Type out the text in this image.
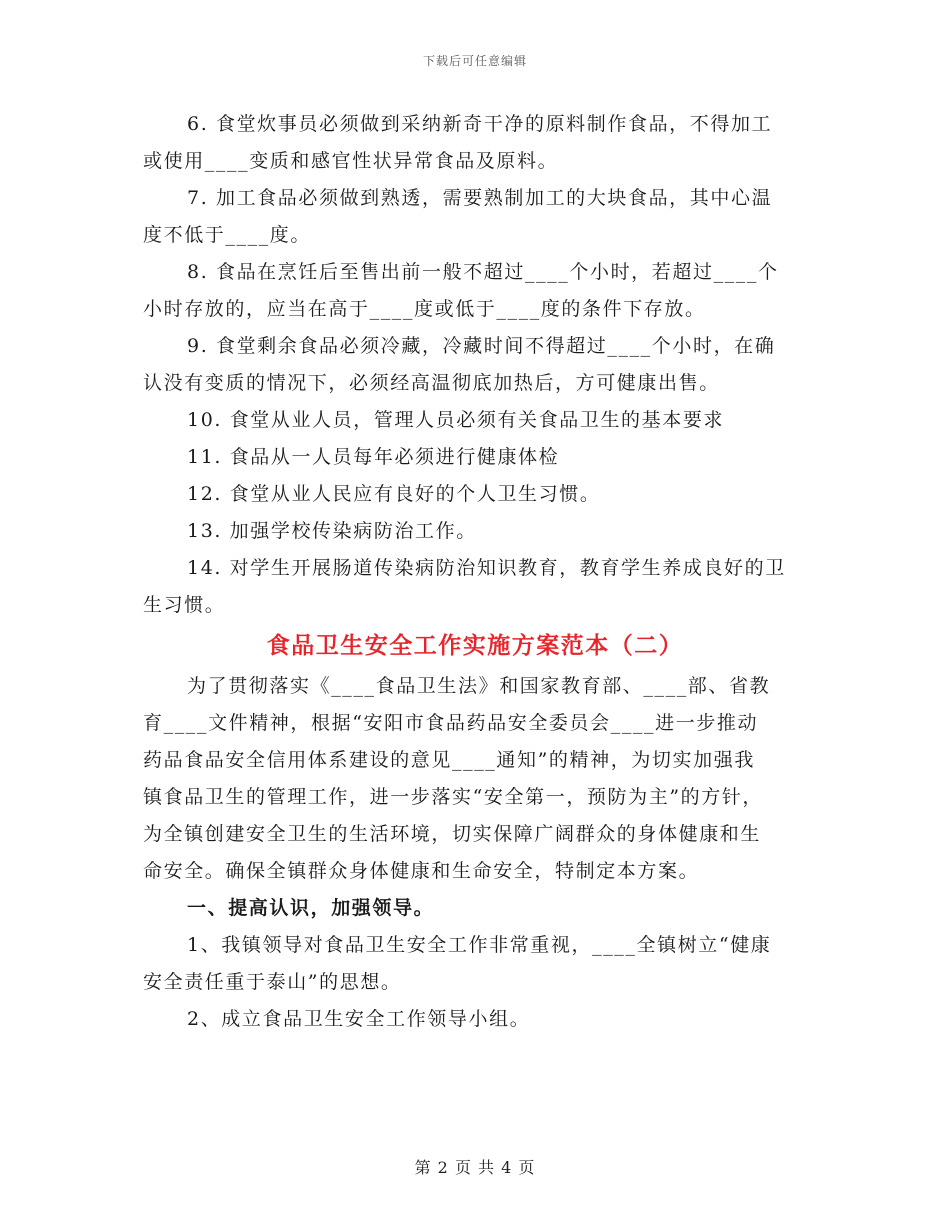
下载后可任意编辑
6. 食堂炊事员必须做到采纳新奇干净的原料制作食品，不得加工
或使用____变质和感官性状异常食品及原料。
7. 加工食品必须做到熟透，需要熟制加工的大块食品，其中心温
度不低于____度。
8. 食品在烹饪后至售出前一般不超过____个小时，若超过____个
小时存放的，应当在高于____度或低于____度的条件下存放。
9. 食堂剩余食品必须冷藏，冷藏时间不得超过____个小时，在确
认没有变质的情况下，必须经高温彻底加热后，方可健康出售。
10. 食堂从业人员，管理人员必须有关食品卫生的基本要求
11. 食品从一人员每年必须进行健康体检
12. 食堂从业人民应有良好的个人卫生习惯。
13. 加强学校传染病防治工作。
14. 对学生开展肠道传染病防治知识教育，教育学生养成良好的卫
生习惯。
食品卫生安全工作实施方案范本（二）
为了贯彻落实《____食品卫生法》和国家教育部、____部、省教
育____文件精神，根据“安阳市食品药品安全委员会____进一步推动
药品食品安全信用体系建设的意见____通知”的精神，为切实加强我
镇食品卫生的管理工作，进一步落实“安全第一，预防为主”的方针，
为全镇创建安全卫生的生活环境，切实保障广阔群众的身体健康和生
命安全。确保全镇群众身体健康和生命安全，特制定本方案。
一、提高认识，加强领导。
1、我镇领导对食品卫生安全工作非常重视，____全镇树立“健康
安全责任重于泰山”的思想。
2、成立食品卫生安全工作领导小组。
第 2 页 共 4 页
